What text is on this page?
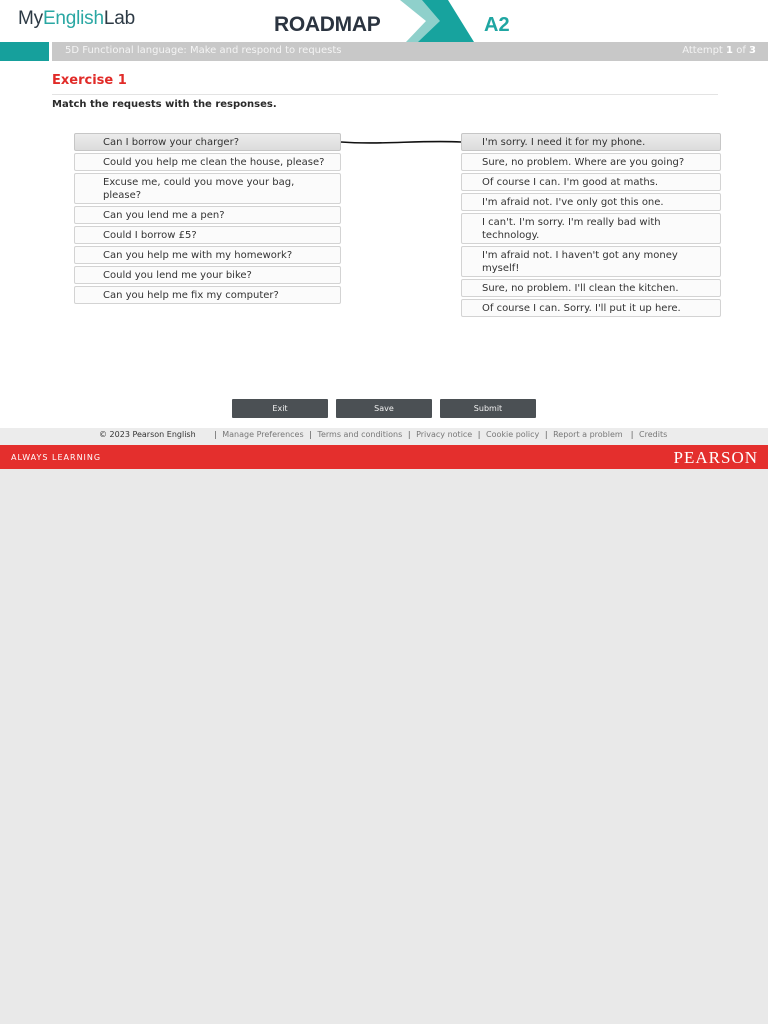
MyEnglishLab	ROADMAP	A2
5D Functional language: Make and respond to requests	Attempt 1 of 3
Exercise 1
Match the requests with the responses.
Can I borrow your charger?
Could you help me clean the house, please?
Excuse me, could you move your bag, please?
Can you lend me a pen?
Could I borrow £5?
Can you help me with my homework?
Could you lend me your bike?
Can you help me fix my computer?
I'm sorry. I need it for my phone.
Sure, no problem. Where are you going?
Of course I can. I'm good at maths.
I'm afraid not. I've only got this one.
I can't. I'm sorry. I'm really bad with technology.
I'm afraid not. I haven't got any money myself!
Sure, no problem. I'll clean the kitchen.
Of course I can. Sorry. I'll put it up here.
Exit	Save	Submit
© 2023 Pearson English	| Manage Preferences | Terms and conditions | Privacy notice | Cookie policy | Report a problem  | Credits
ALWAYS LEARNING	PEARSON
